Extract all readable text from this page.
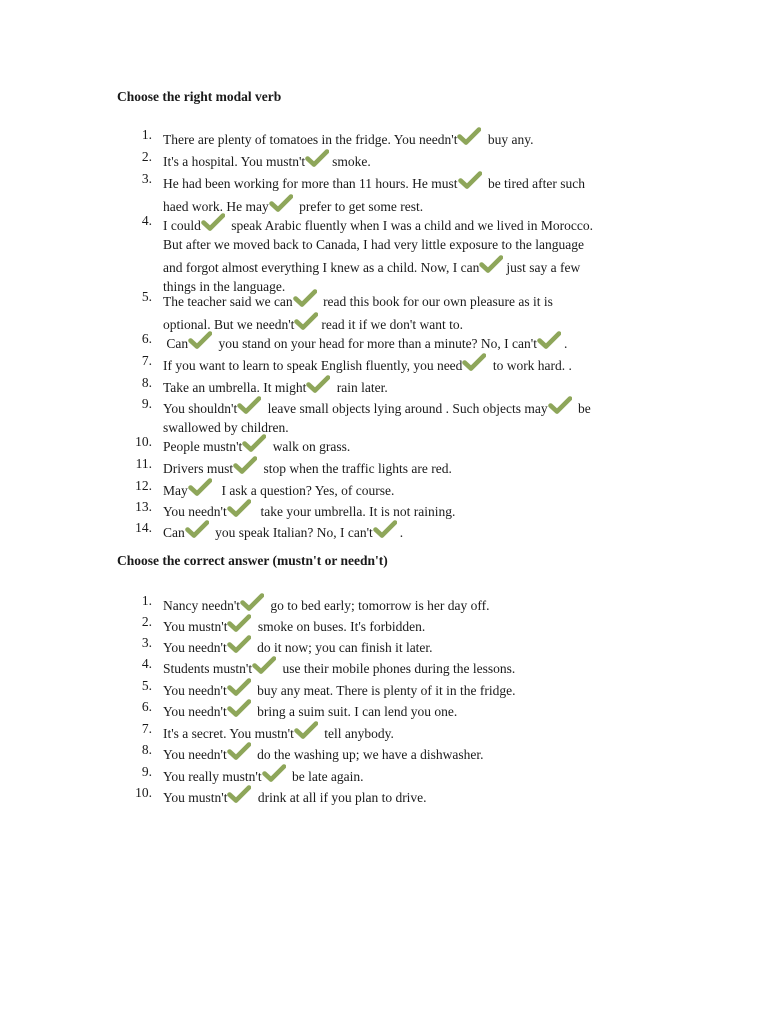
Choose the right modal verb
1. There are plenty of tomatoes in the fridge. You needn't
buy any.
2. It's a hospital. You mustn't smoke.
3. He had been working for more than 11 hours. He must
be tired after such
haed work. He may
prefer to get some rest.
4. I could
speak Arabic fluently when I was a child and we lived in Morocco.
But after we moved back to Canada, I had very little exposure to the language
and forgot almost everything I knew as a child. Now, I can just say a few
things in the language.
5. The teacher said we can
read this book for our own pleasure as it is
optional. But we needn't read it if we don't want to.
6. Can
you stand on your head for more than a minute? No, I can't .
7. If you want to learn to speak English fluently, you need
to work hard. .
8. Take an umbrella. It might
rain later.
9. You shouldn't
leave small objects lying around . Such objects may
be
swallowed by children.
10. People mustn't
walk on grass.
11. Drivers must
stop when the traffic lights are red.
12. May
I ask a question? Yes, of course.
13. You needn't
take your umbrella. It is not raining.
14. Can
you speak Italian? No, I can't .
Choose the correct answer (mustn't or needn't)
1. Nancy needn't
go to bed early; tomorrow is her day off.
2. You mustn't
smoke on buses. It's forbidden.
3. You needn't
do it now; you can finish it later.
4. Students mustn't
use their mobile phones during the lessons.
5. You needn't
buy any meat. There is plenty of it in the fridge.
6. You needn't
bring a suim suit. I can lend you one.
7. It's a secret. You mustn't
tell anybody.
8. You needn't
do the washing up; we have a dishwasher.
9. You really mustn't
be late again.
10. You mustn't
drink at all if you plan to drive.
